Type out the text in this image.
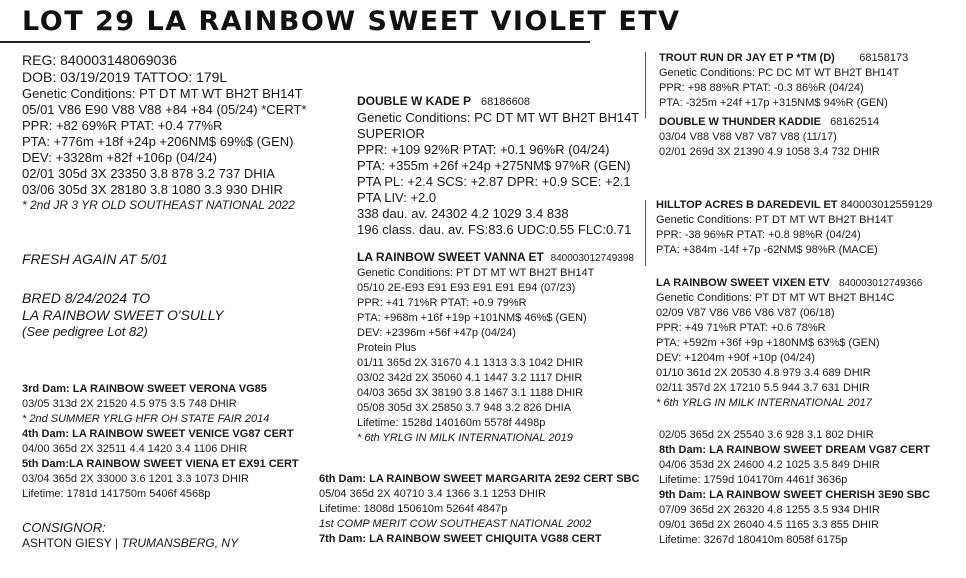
LOT 29 LA RAINBOW SWEET VIOLET ETV
REG: 840003148069036
DOB: 03/19/2019 TATTOO: 179L
Genetic Conditions: PT DT MT WT BH2T BH14T
05/01 V86 E90 V88 V88 +84 +84 (05/24) *CERT*
PPR: +82 69%R PTAT: +0.4 77%R
PTA: +776m +18f +24p +206NM$ 69%$ (GEN)
DEV: +3328m +82f +106p (04/24)
02/01 305d 3X 23350 3.8 878 3.2 737 DHIA
03/06 305d 3X 28180 3.8 1080 3.3 930 DHIR
* 2nd JR 3 YR OLD SOUTHEAST NATIONAL 2022
FRESH AGAIN AT 5/01
BRED 8/24/2024 TO
LA RAINBOW SWEET O'SULLY
(See pedigree Lot 82)
3rd Dam: LA RAINBOW SWEET VERONA VG85
03/05 313d 2X 21520 4.5 975 3.5 748 DHIR
* 2nd SUMMER YRLG HFR OH STATE FAIR 2014
4th Dam: LA RAINBOW SWEET VENICE VG87 CERT
04/00 365d 2X 32511 4.4 1420 3.4 1106 DHIR
5th Dam:LA RAINBOW SWEET VIENA ET EX91 CERT
03/04 365d 2X 33000 3.6 1201 3.3 1073 DHIR
Lifetime: 1781d 141750m 5406f 4568p
CONSIGNOR:
ASHTON GIESY | TRUMANSBERG, NY
DOUBLE W KADE P 68186608
Genetic Conditions: PC DT MT WT BH2T BH14T
SUPERIOR
PPR: +109 92%R PTAT: +0.1 96%R (04/24)
PTA: +355m +26f +24p +275NM$ 97%R (GEN)
PTA PL: +2.4 SCS: +2.87 DPR: +0.9 SCE: +2.1
PTA LIV: +2.0
338 dau. av. 24302 4.2 1029 3.4 838
196 class. dau. av. FS:83.6 UDC:0.55 FLC:0.71
LA RAINBOW SWEET VANNA ET 840003012749398
Genetic Conditions: PT DT MT WT BH2T BH14T
05/10 2E-E93 E91 E93 E91 E91 E94 (07/23)
PPR: +41 71%R PTAT: +0.9 79%R
PTA: +968m +16f +19p +101NM$ 46%$ (GEN)
DEV: +2396m +56f +47p (04/24)
Protein Plus
01/11 365d 2X 31670 4.1 1313 3.3 1042 DHIR
03/02 342d 2X 35060 4.1 1447 3.2 1117 DHIR
04/03 365d 3X 38190 3.8 1467 3.1 1188 DHIR
05/08 305d 3X 25850 3.7 948 3.2 826 DHIA
Lifetime: 1528d 140160m 5578f 4498p
* 6th YRLG IN MILK INTERNATIONAL 2019
6th Dam: LA RAINBOW SWEET MARGARITA 2E92 CERT SBC
05/04 365d 2X 40710 3.4 1366 3.1 1253 DHIR
Lifetime: 1808d 150610m 5264f 4847p
1st COMP MERIT COW SOUTHEAST NATIONAL 2002
7th Dam: LA RAINBOW SWEET CHIQUITA VG88 CERT
TROUT RUN DR JAY ET P *TM (D) 68158173
Genetic Conditions: PC DC MT WT BH2T BH14T
PPR: +98 88%R PTAT: -0.3 86%R (04/24)
PTA: -325m +24f +17p +315NM$ 94%R (GEN)
DOUBLE W THUNDER KADDIE 68162514
03/04 V88 V88 V87 V87 V88 (11/17)
02/01 269d 3X 21390 4.9 1058 3.4 732 DHIR
HILLTOP ACRES B DAREDEVIL ET 840003012559129
Genetic Conditions: PT DT MT WT BH2T BH14T
PPR: -38 96%R PTAT: +0.8 98%R (04/24)
PTA: +384m -14f +7p -62NM$ 98%R (MACE)
LA RAINBOW SWEET VIXEN ETV 840003012749366
Genetic Conditions: PT DT MT WT BH2T BH14C
02/09 V87 V86 V86 V86 V87 (06/18)
PPR: +49 71%R PTAT: +0.6 78%R
PTA: +592m +36f +9p +180NM$ 63%$ (GEN)
DEV: +1204m +90f +10p (04/24)
01/10 361d 2X 20530 4.8 979 3.4 689 DHIR
02/11 357d 2X 17210 5.5 944 3.7 631 DHIR
* 6th YRLG IN MILK INTERNATIONAL 2017
02/05 365d 2X 25540 3.6 928 3.1 802 DHIR
8th Dam: LA RAINBOW SWEET DREAM VG87 CERT
04/06 353d 2X 24600 4.2 1025 3.5 849 DHIR
Lifetime: 1759d 104170m 4461f 3636p
9th Dam: LA RAINBOW SWEET CHERISH 3E90 SBC
07/09 365d 2X 26320 4.8 1255 3.5 934 DHIR
09/01 365d 2X 26040 4.5 1165 3.3 855 DHIR
Lifetime: 3267d 180410m 8058f 6175p
